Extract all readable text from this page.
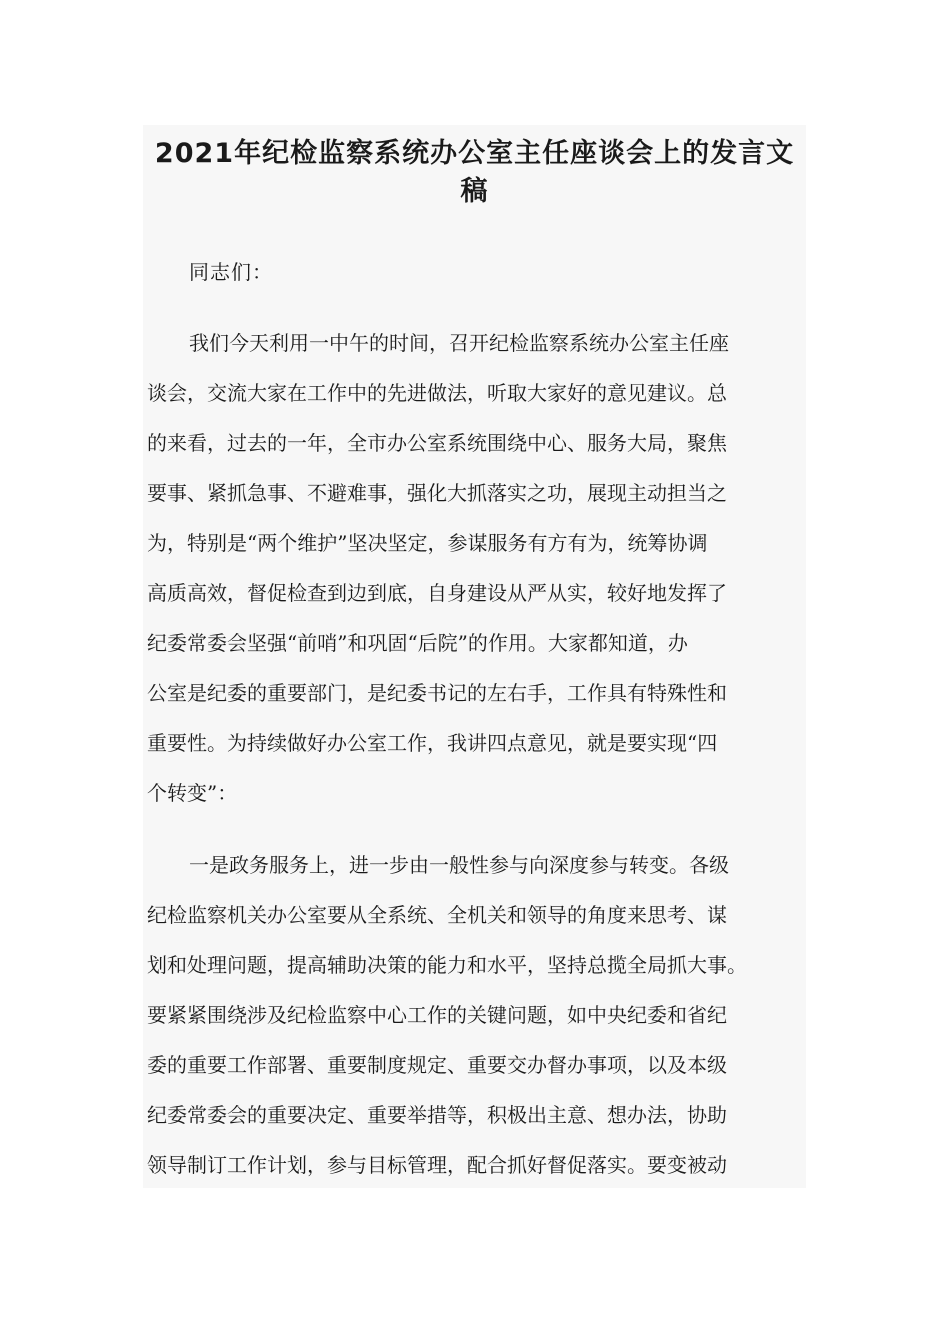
2021年纪检监察系统办公室主任座谈会上的发言文
稿
同志们：
我们今天利用一中午的时间，召开纪检监察系统办公室主任座
谈会，交流大家在工作中的先进做法，听取大家好的意见建议。总
的来看，过去的一年，全市办公室系统围绕中心、服务大局，聚焦
要事、紧抓急事、不避难事，强化大抓落实之功，展现主动担当之
为，特别是“两个维护”坚决坚定，参谋服务有方有为，统筹协调
高质高效，督促检查到边到底，自身建设从严从实，较好地发挥了
纪委常委会坚强“前哨”和巩固“后院”的作用。大家都知道，办
公室是纪委的重要部门，是纪委书记的左右手，工作具有特殊性和
重要性。为持续做好办公室工作，我讲四点意见，就是要实现“四
个转变”：
一是政务服务上，进一步由一般性参与向深度参与转变。各级
纪检监察机关办公室要从全系统、全机关和领导的角度来思考、谋
划和处理问题，提高辅助决策的能力和水平，坚持总揽全局抓大事。
要紧紧围绕涉及纪检监察中心工作的关键问题，如中央纪委和省纪
委的重要工作部署、重要制度规定、重要交办督办事项，以及本级
纪委常委会的重要决定、重要举措等，积极出主意、想办法，协助
领导制订工作计划，参与目标管理，配合抓好督促落实。要变被动
